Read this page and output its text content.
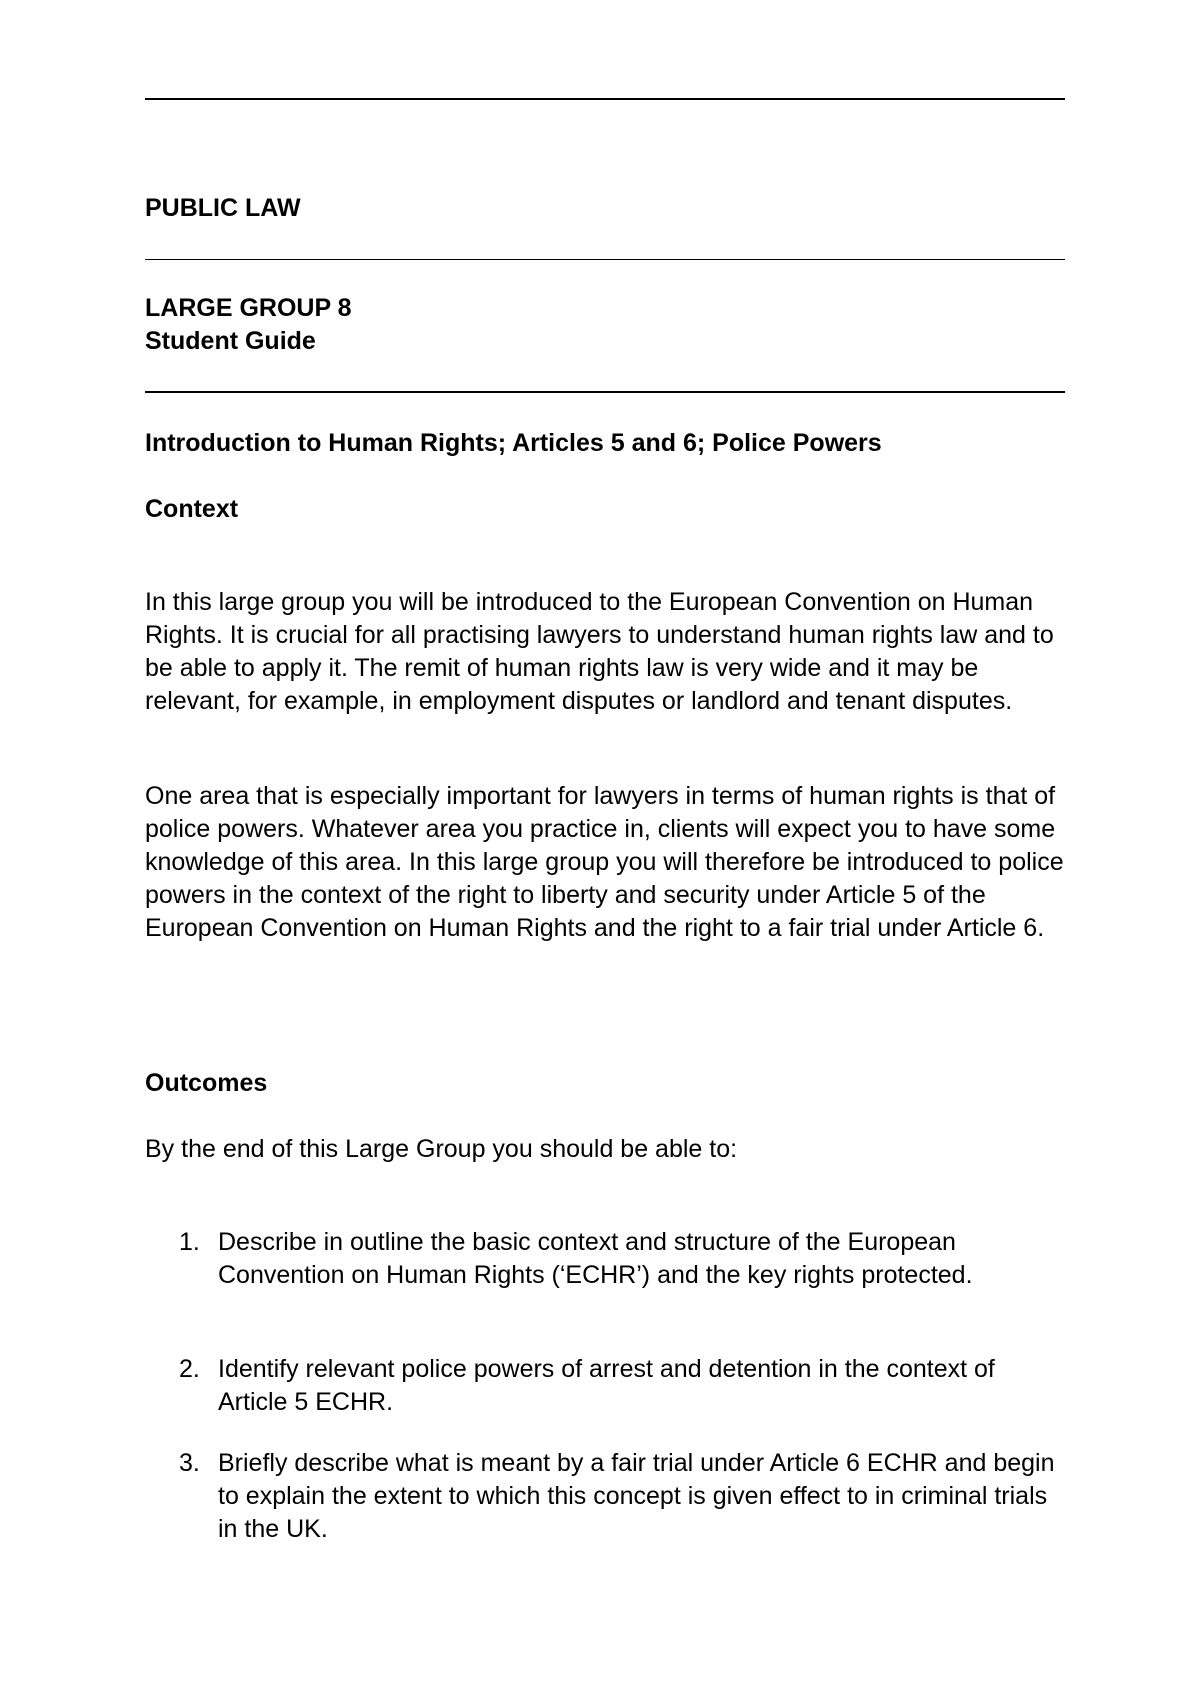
PUBLIC LAW
LARGE GROUP 8
Student Guide
Introduction to Human Rights; Articles 5 and 6; Police Powers
Context
In this large group you will be introduced to the European Convention on Human Rights. It is crucial for all practising lawyers to understand human rights law and to be able to apply it. The remit of human rights law is very wide and it may be relevant, for example, in employment disputes or landlord and tenant disputes.
One area that is especially important for lawyers in terms of human rights is that of police powers. Whatever area you practice in, clients will expect you to have some knowledge of this area. In this large group you will therefore be introduced to police powers in the context of the right to liberty and security under Article 5 of the European Convention on Human Rights and the right to a fair trial under Article 6.
Outcomes
By the end of this Large Group you should be able to:
1. Describe in outline the basic context and structure of the European Convention on Human Rights (‘ECHR’) and the key rights protected.
2. Identify relevant police powers of arrest and detention in the context of Article 5 ECHR.
3. Briefly describe what is meant by a fair trial under Article 6 ECHR and begin to explain the extent to which this concept is given effect to in criminal trials in the UK.
